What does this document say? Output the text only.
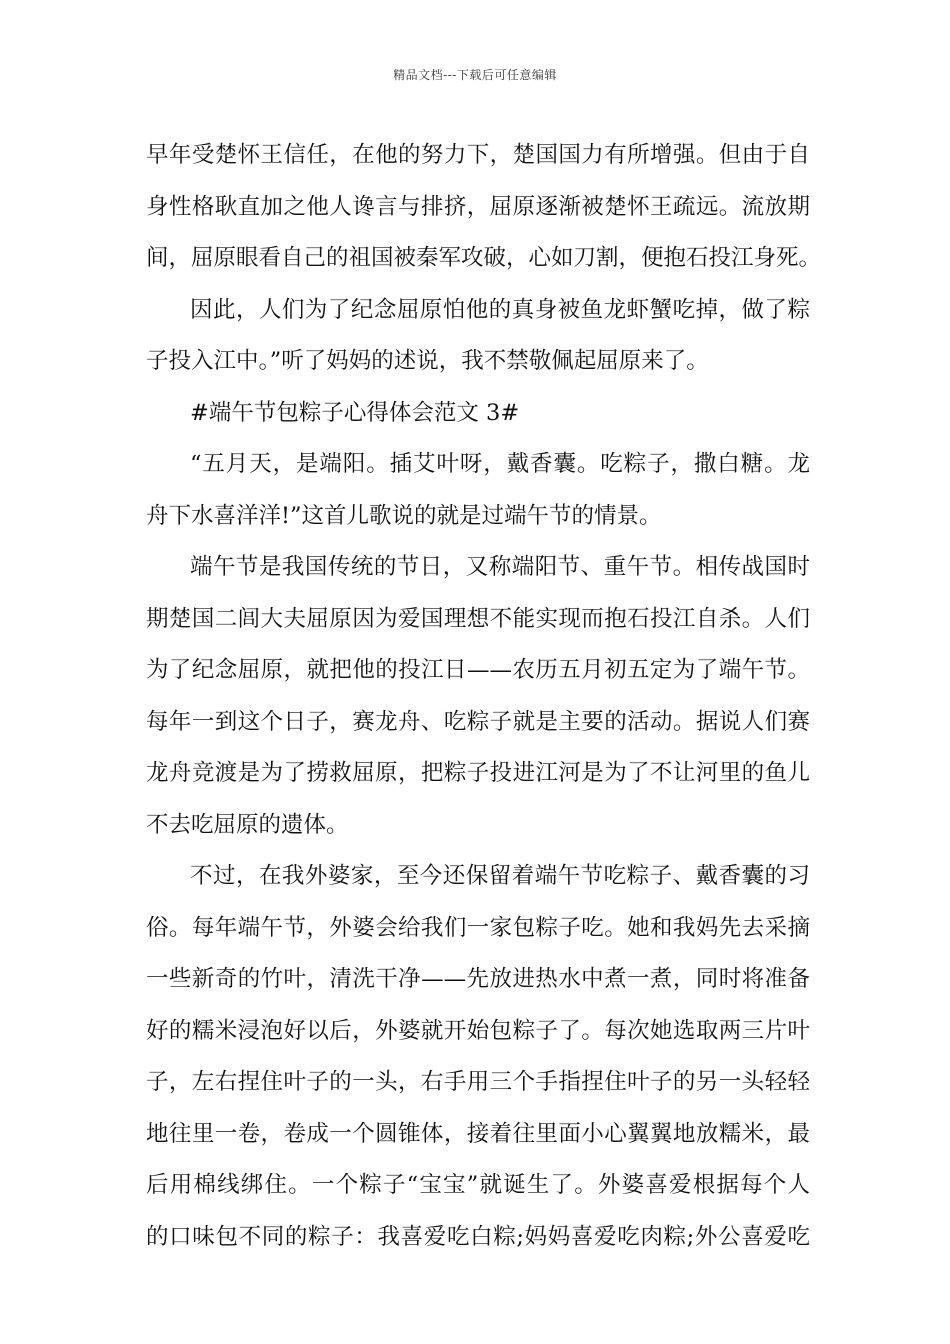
精品文档---下载后可任意编辑
早年受楚怀王信任，在他的努力下，楚国国力有所增强。但由于自
身性格耿直加之他人谗言与排挤，屈原逐渐被楚怀王疏远。流放期
间，屈原眼看自己的祖国被秦军攻破，心如刀割，便抱石投江身死。
因此，人们为了纪念屈原怕他的真身被鱼龙虾蟹吃掉，做了粽
子投入江中。”听了妈妈的述说，我不禁敬佩起屈原来了。
#端午节包粽子心得体会范文 3#
“五月天，是端阳。插艾叶呀，戴香囊。吃粽子，撒白糖。龙
舟下水喜洋洋!”这首儿歌说的就是过端午节的情景。
端午节是我国传统的节日，又称端阳节、重午节。相传战国时
期楚国二闾大夫屈原因为爱国理想不能实现而抱石投江自杀。人们
为了纪念屈原，就把他的投江日——农历五月初五定为了端午节。
每年一到这个日子，赛龙舟、吃粽子就是主要的活动。据说人们赛
龙舟竞渡是为了捞救屈原，把粽子投进江河是为了不让河里的鱼儿
不去吃屈原的遗体。
不过，在我外婆家，至今还保留着端午节吃粽子、戴香囊的习
俗。每年端午节，外婆会给我们一家包粽子吃。她和我妈先去采摘
一些新奇的竹叶，清洗干净——先放进热水中煮一煮，同时将准备
好的糯米浸泡好以后，外婆就开始包粽子了。每次她选取两三片叶
子，左右捏住叶子的一头，右手用三个手指捏住叶子的另一头轻轻
地往里一卷，卷成一个圆锥体，接着往里面小心翼翼地放糯米，最
后用棉线绑住。一个粽子“宝宝”就诞生了。外婆喜爱根据每个人
的口味包不同的粽子：我喜爱吃白粽;妈妈喜爱吃肉粽;外公喜爱吃
